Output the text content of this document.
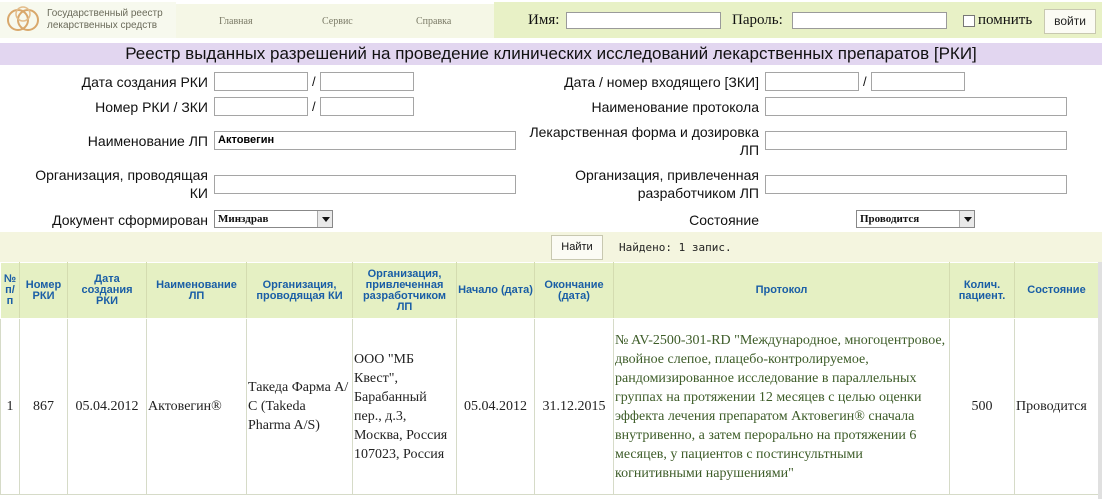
Государственный реестр
лекарственных средств	Главная	Сервис	Справка	Имя:	Пароль:	помнить	войти
Реестр выданных разрешений на проведение клинических исследований лекарственных препаратов [РКИ]
Дата создания РКИ	/
Номер РКИ / ЗКИ	/
Наименование ЛП Актовегин
Организация, проводящая
КИ
Документ сформирован Минздрав
Дата / номер входящего [ЗКИ]	/
Наименование протокола
Лекарственная форма и дозировка
ЛП
Организация, привлеченная
разработчиком ЛП
Состояние	Проводится
Найти	Найдено: 1 запис.
№ п/п	Номер РКИ	Дата создания РКИ	Наименование ЛП	Организация, проводящая КИ	Организация, привлеченная разработчиком ЛП	Начало (дата)	Окончание (дата)	Протокол	Колич. пациент.	Состояние
1	867	05.04.2012	Актовегин®	Такеда Фарма А/С (Takeda Pharma A/S)	ООО "МБ Квест", Барабанный пер., д.3, Москва, Россия 107023, Россия	05.04.2012	31.12.2015	№ AV-2500-301-RD "Международное, многоцентровое, двойное слепое, плацебо-контролируемое, рандомизированное исследование в параллельных группах на протяжении 12 месяцев с целью оценки эффекта лечения препаратом Актовегин® сначала внутривенно, а затем перорально на протяжении 6 месяцев, у пациентов с постинсультными когнитивными нарушениями"	500	Проводится
